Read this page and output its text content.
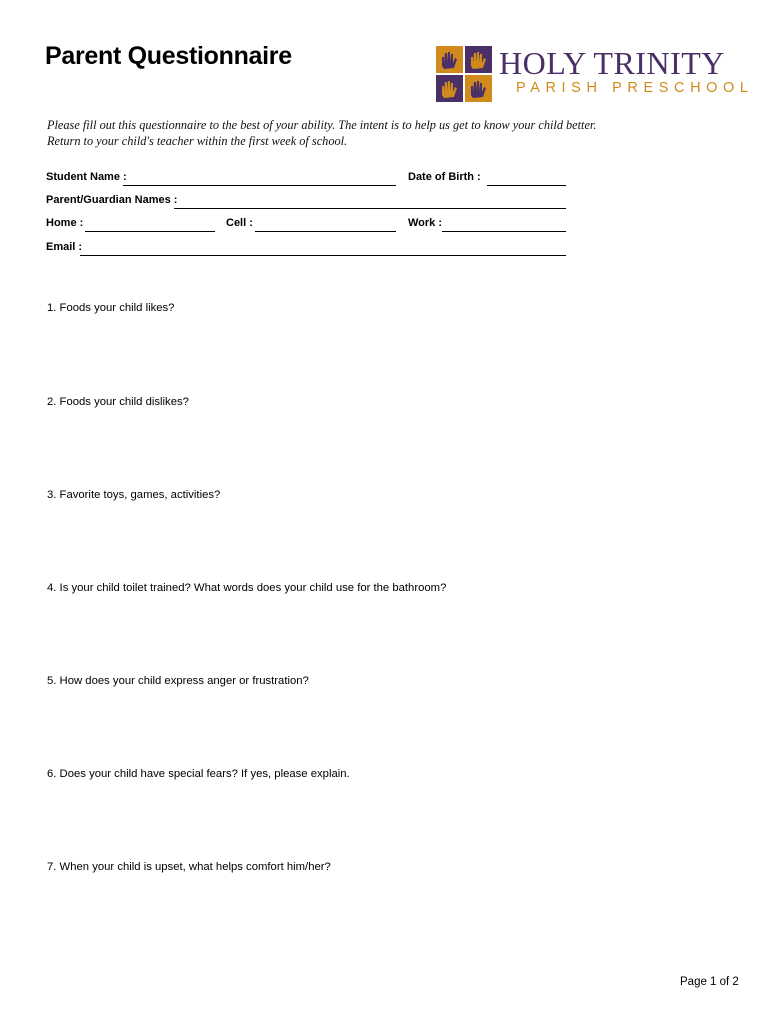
Parent Questionnaire	HOLY TRINITY
PARISH PRESCHOOL
Please fill out this questionnaire to the best of your ability. The intent is to help us get to know your child better.
Return to your child's teacher within the first week of school.
Student Name :	Date of Birth :
Parent/Guardian Names :
Home :	Cell :	Work :
Email :
1. Foods your child likes?
2. Foods your child dislikes?
3. Favorite toys, games, activities?
4. Is your child toilet trained? What words does your child use for the bathroom?
5. How does your child express anger or frustration?
6. Does your child have special fears? If yes, please explain.
7. When your child is upset, what helps comfort him/her?
Page 1 of 2
